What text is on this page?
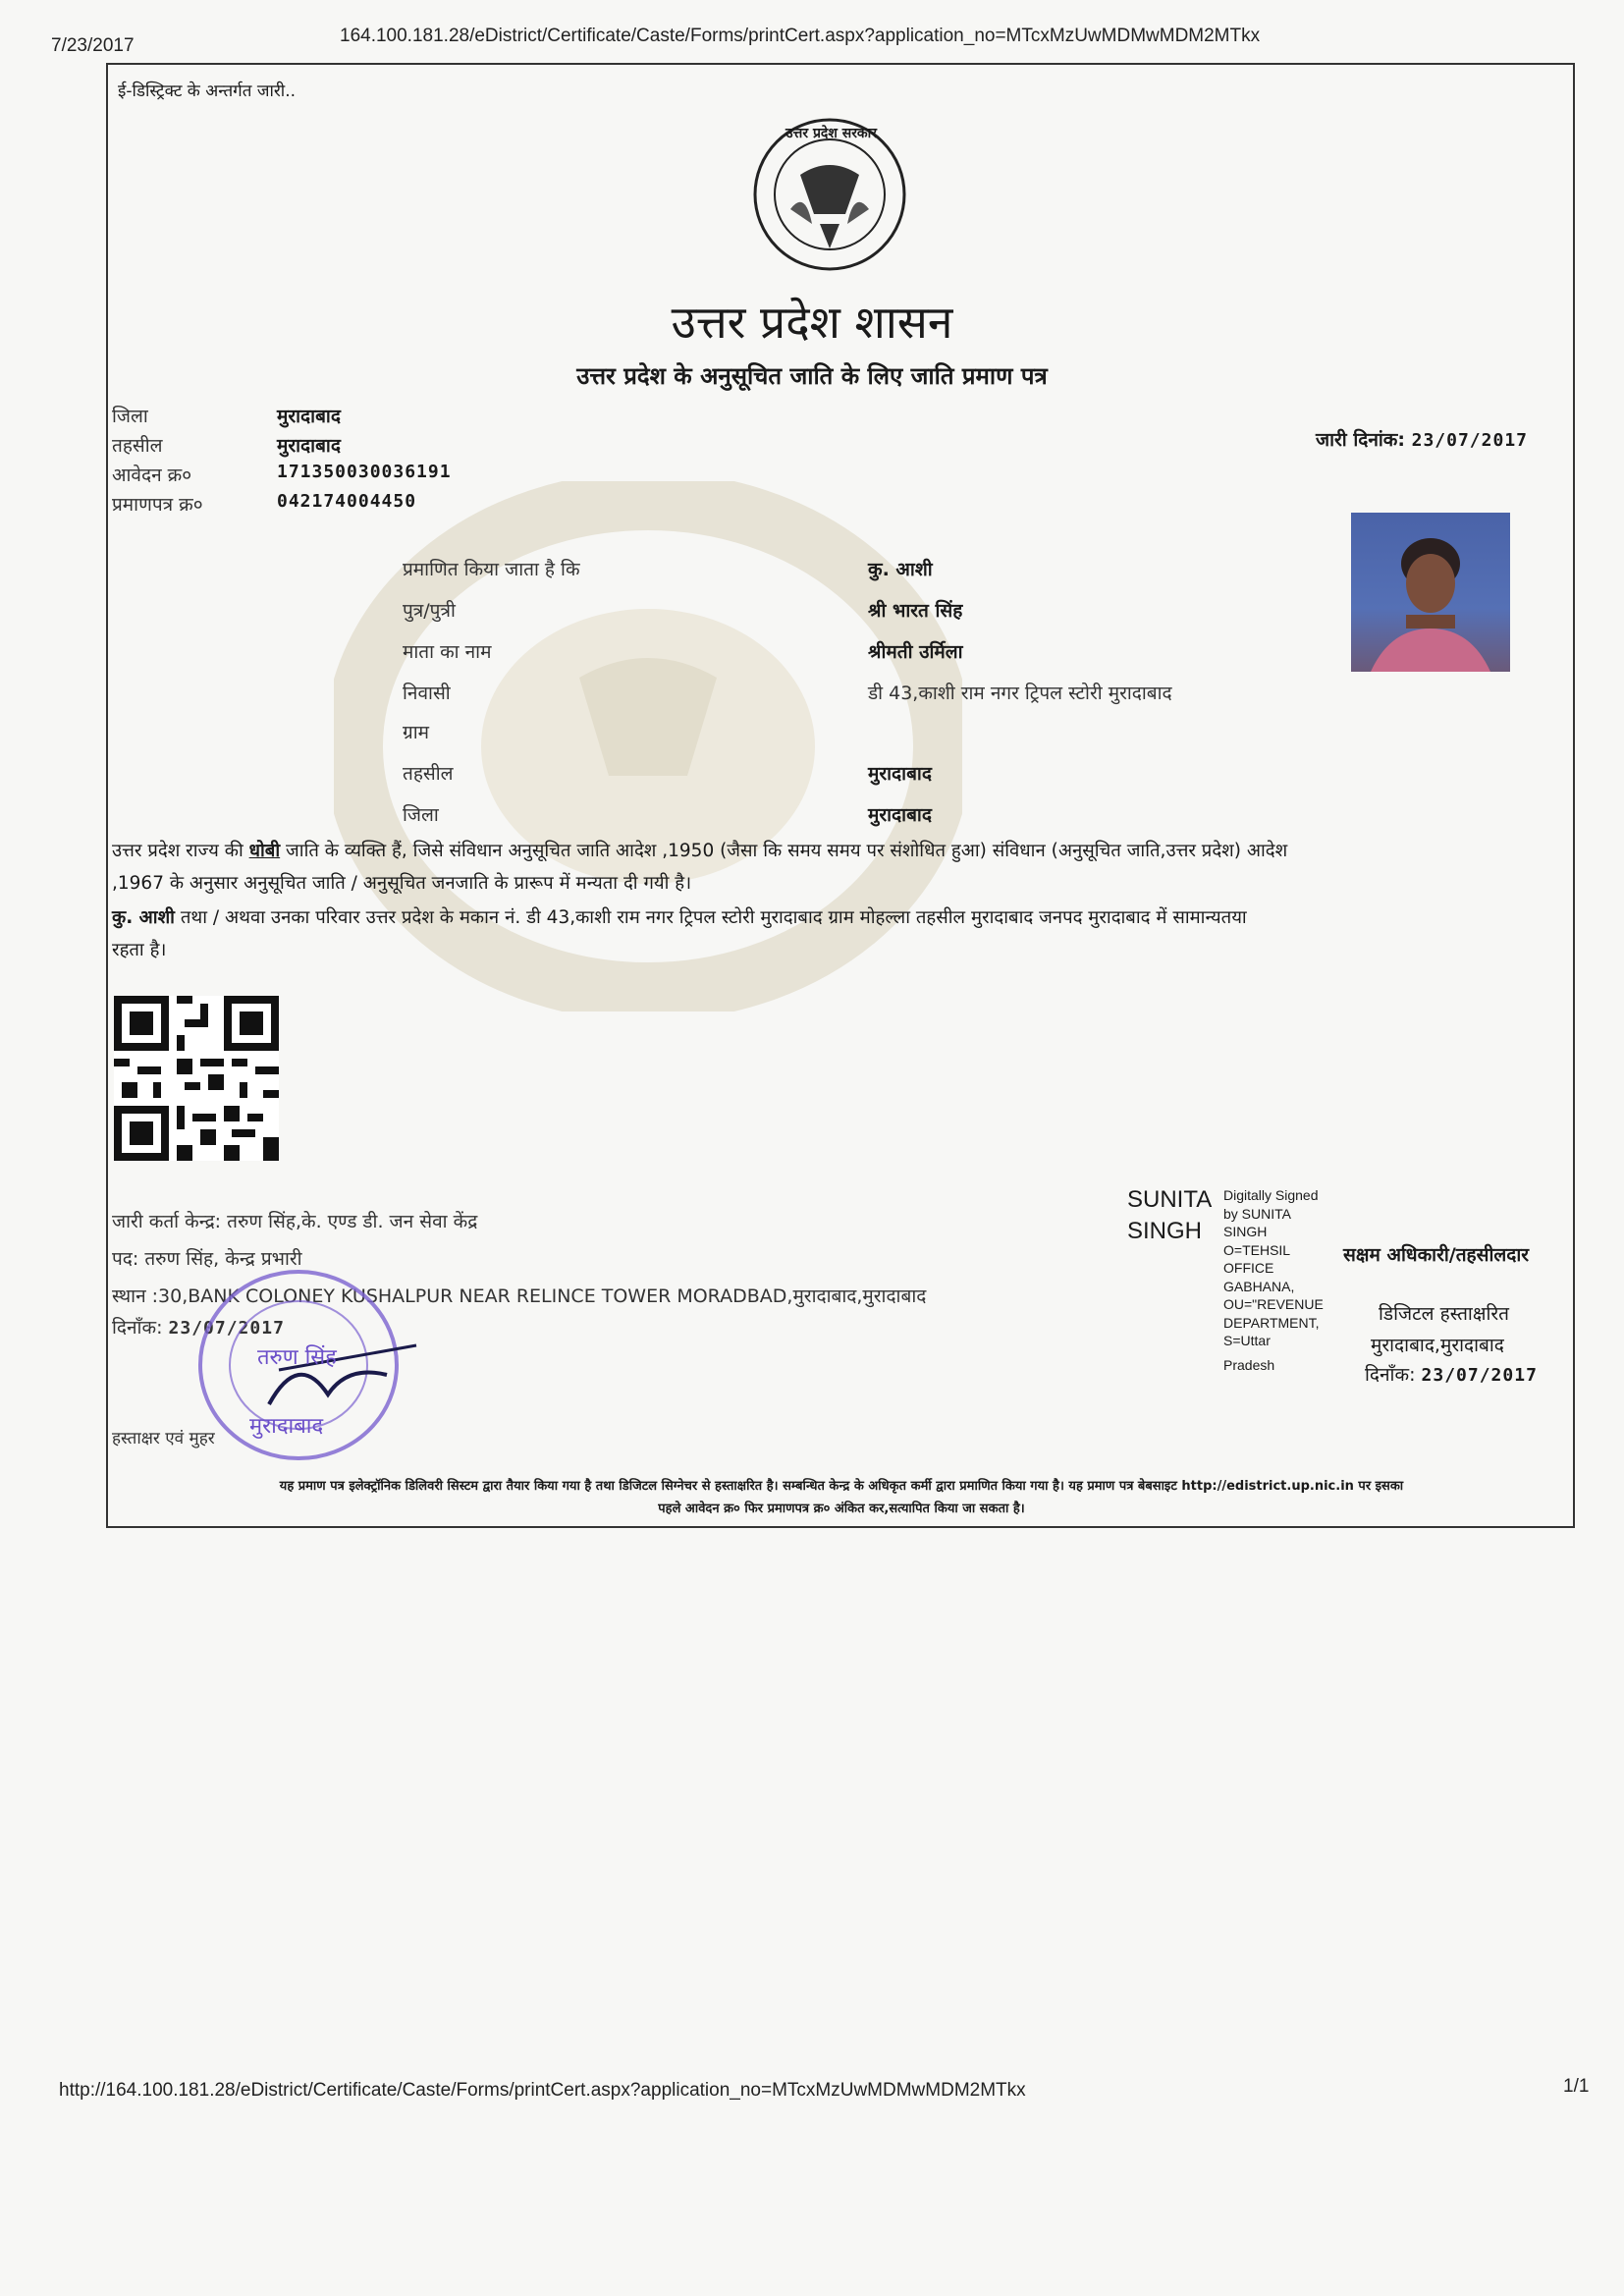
7/23/2017	164.100.181.28/eDistrict/Certificate/Caste/Forms/printCert.aspx?application_no=MTcxMzUwMDMwMDM2MTkx
ई-डिस्ट्रिक्ट के अन्तर्गत जारी..
उत्तर प्रदेश सरकार
उत्तर प्रदेश शासन
उत्तर प्रदेश के अनुसूचित जाति के लिए जाति प्रमाण पत्र
जिला	मुरादाबाद
तहसील	मुरादाबाद
आवेदन क्र०	171350030036191
प्रमाणपत्र क्र०	042174004450
जारी दिनांक: 23/07/2017
प्रमाणित किया जाता है कि	कु. आशी
पुत्र/पुत्री	श्री भारत सिंह
माता का नाम	श्रीमती उर्मिला
निवासी	डी 43,काशी राम नगर ट्रिपल स्टोरी मुरादाबाद
ग्राम
तहसील	मुरादाबाद
जिला	मुरादाबाद
उत्तर प्रदेश राज्य की धोबी जाति के व्यक्ति हैं, जिसे संविधान अनुसूचित जाति आदेश ,1950 (जैसा कि समय समय पर संशोधित हुआ) संविधान (अनुसूचित जाति,उत्तर प्रदेश) आदेश
,1967 के अनुसार अनुसूचित जाति / अनुसूचित जनजाति के प्रारूप में मन्यता दी गयी है।
कु. आशी तथा / अथवा उनका परिवार उत्तर प्रदेश के मकान नं. डी 43,काशी राम नगर ट्रिपल स्टोरी मुरादाबाद ग्राम मोहल्ला तहसील मुरादाबाद जनपद मुरादाबाद में सामान्यतया
रहता है।
जारी कर्ता केन्द्र: तरुण सिंह,के. एण्ड डी. जन सेवा केंद्र
पद: तरुण सिंह, केन्द्र प्रभारी
स्थान :30,BANK COLONEY KUSHALPUR NEAR RELINCE TOWER MORADBAD,मुरादाबाद,मुरादाबाद
दिनाँक: 23/07/2017
हस्ताक्षर एवं मुहर
तरुण सिंह
मुरादाबाद
SUNITA
SINGH
Digitally Signed
by SUNITA
SINGH
O=TEHSIL
OFFICE
GABHANA,
OU="REVENUE
DEPARTMENT,
S=Uttar
Pradesh
सक्षम अधिकारी/तहसीलदार
डिजिटल हस्ताक्षरित
मुरादाबाद,मुरादाबाद
दिनाँक: 23/07/2017
यह प्रमाण पत्र इलेक्ट्रॉनिक डिलिवरी सिस्टम द्वारा तैयार किया गया है तथा डिजिटल सिग्नेचर से हस्ताक्षरित है। सम्बन्धित केन्द्र के अधिकृत कर्मी द्वारा प्रमाणित किया गया है। यह प्रमाण पत्र बेबसाइट http://edistrict.up.nic.in पर इसका
पहले आवेदन क्र० फिर प्रमाणपत्र क्र० अंकित कर,सत्यापित किया जा सकता है।
http://164.100.181.28/eDistrict/Certificate/Caste/Forms/printCert.aspx?application_no=MTcxMzUwMDMwMDM2MTkx	1/1
